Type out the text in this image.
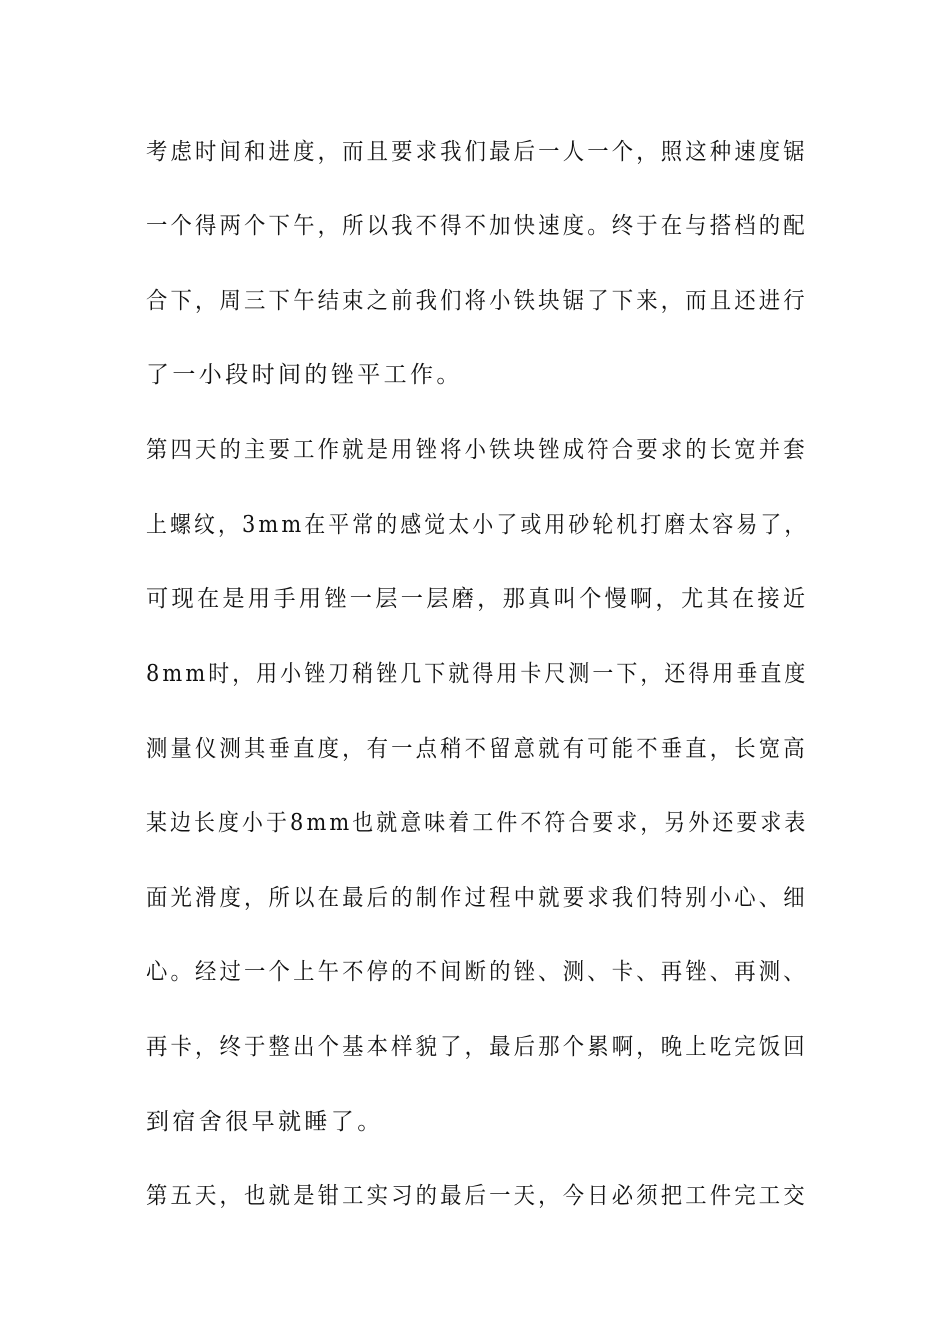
考虑时间和进度，而且要求我们最后一人一个，照这种速度锯
一个得两个下午，所以我不得不加快速度。终于在与搭档的配
合下，周三下午结束之前我们将小铁块锯了下来，而且还进行
了一小段时间的锉平工作。
第四天的主要工作就是用锉将小铁块锉成符合要求的长宽并套
上螺纹，3mm在平常的感觉太小了或用砂轮机打磨太容易了，
可现在是用手用锉一层一层磨，那真叫个慢啊，尤其在接近
8mm时，用小锉刀稍锉几下就得用卡尺测一下，还得用垂直度
测量仪测其垂直度，有一点稍不留意就有可能不垂直，长宽高
某边长度小于8mm也就意味着工件不符合要求，另外还要求表
面光滑度，所以在最后的制作过程中就要求我们特别小心、细
心。经过一个上午不停的不间断的锉、测、卡、再锉、再测、
再卡，终于整出个基本样貌了，最后那个累啊，晚上吃完饭回
到宿舍很早就睡了。
第五天，也就是钳工实习的最后一天，今日必须把工件完工交
